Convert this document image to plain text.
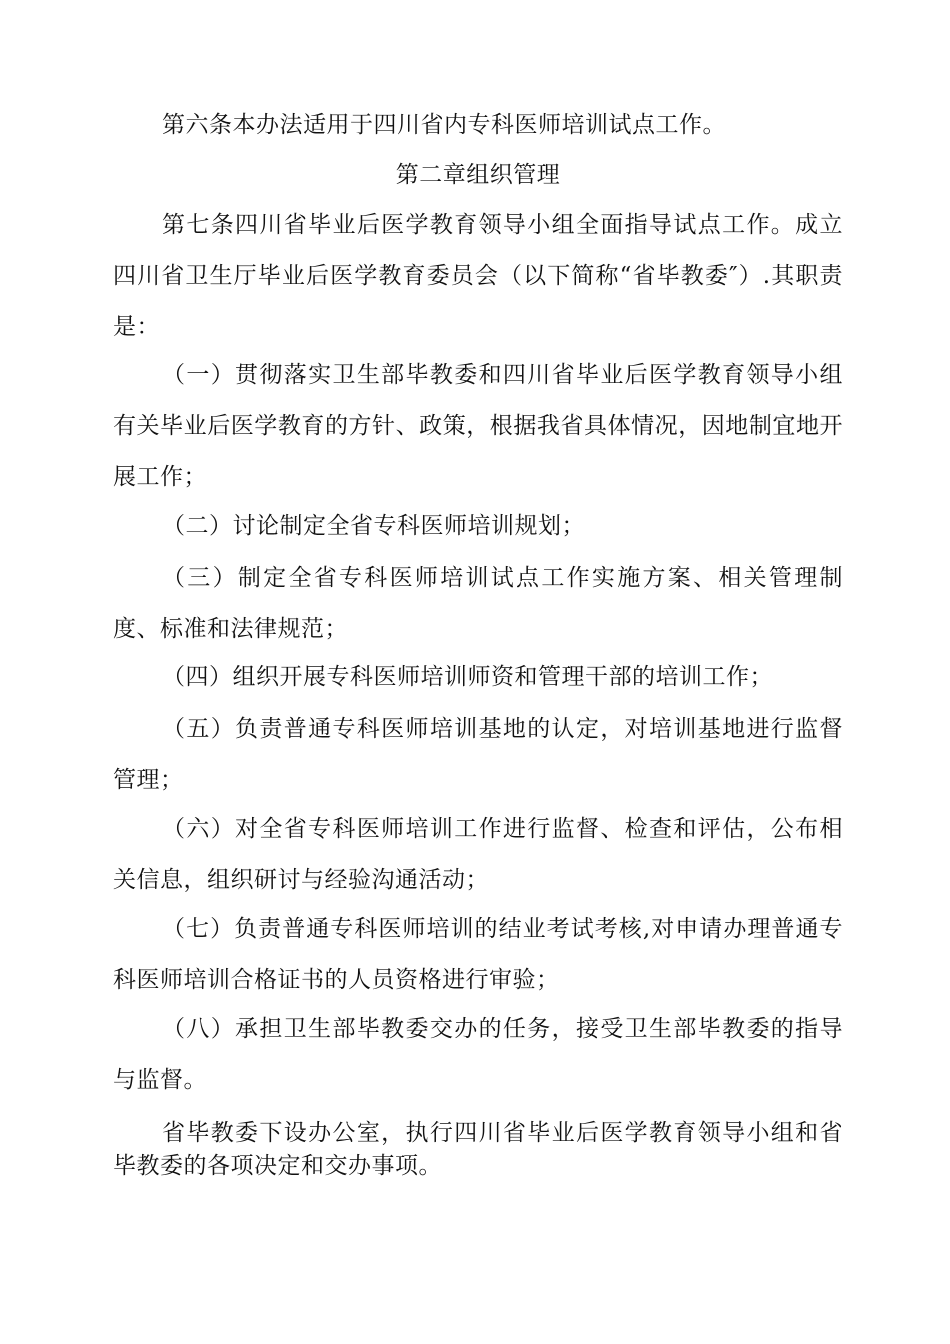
第六条本办法适用于四川省内专科医师培训试点工作。

第二章组织管理

第七条四川省毕业后医学教育领导小组全面指导试点工作。成立四川省卫生厅毕业后医学教育委员会（以下简称“省毕教委″）.其职责是：

（一）贯彻落实卫生部毕教委和四川省毕业后医学教育领导小组有关毕业后医学教育的方针、政策，根据我省具体情况，因地制宜地开展工作；

（二）讨论制定全省专科医师培训规划；

（三）制定全省专科医师培训试点工作实施方案、相关管理制度、标准和法律规范；

（四）组织开展专科医师培训师资和管理干部的培训工作；

（五）负责普通专科医师培训基地的认定，对培训基地进行监督管理；

（六）对全省专科医师培训工作进行监督、检查和评估，公布相关信息，组织研讨与经验沟通活动；

（七）负责普通专科医师培训的结业考试考核,对申请办理普通专科医师培训合格证书的人员资格进行审验；

（八）承担卫生部毕教委交办的任务，接受卫生部毕教委的指导与监督。

省毕教委下设办公室，执行四川省毕业后医学教育领导小组和省毕教委的各项决定和交办事项。
